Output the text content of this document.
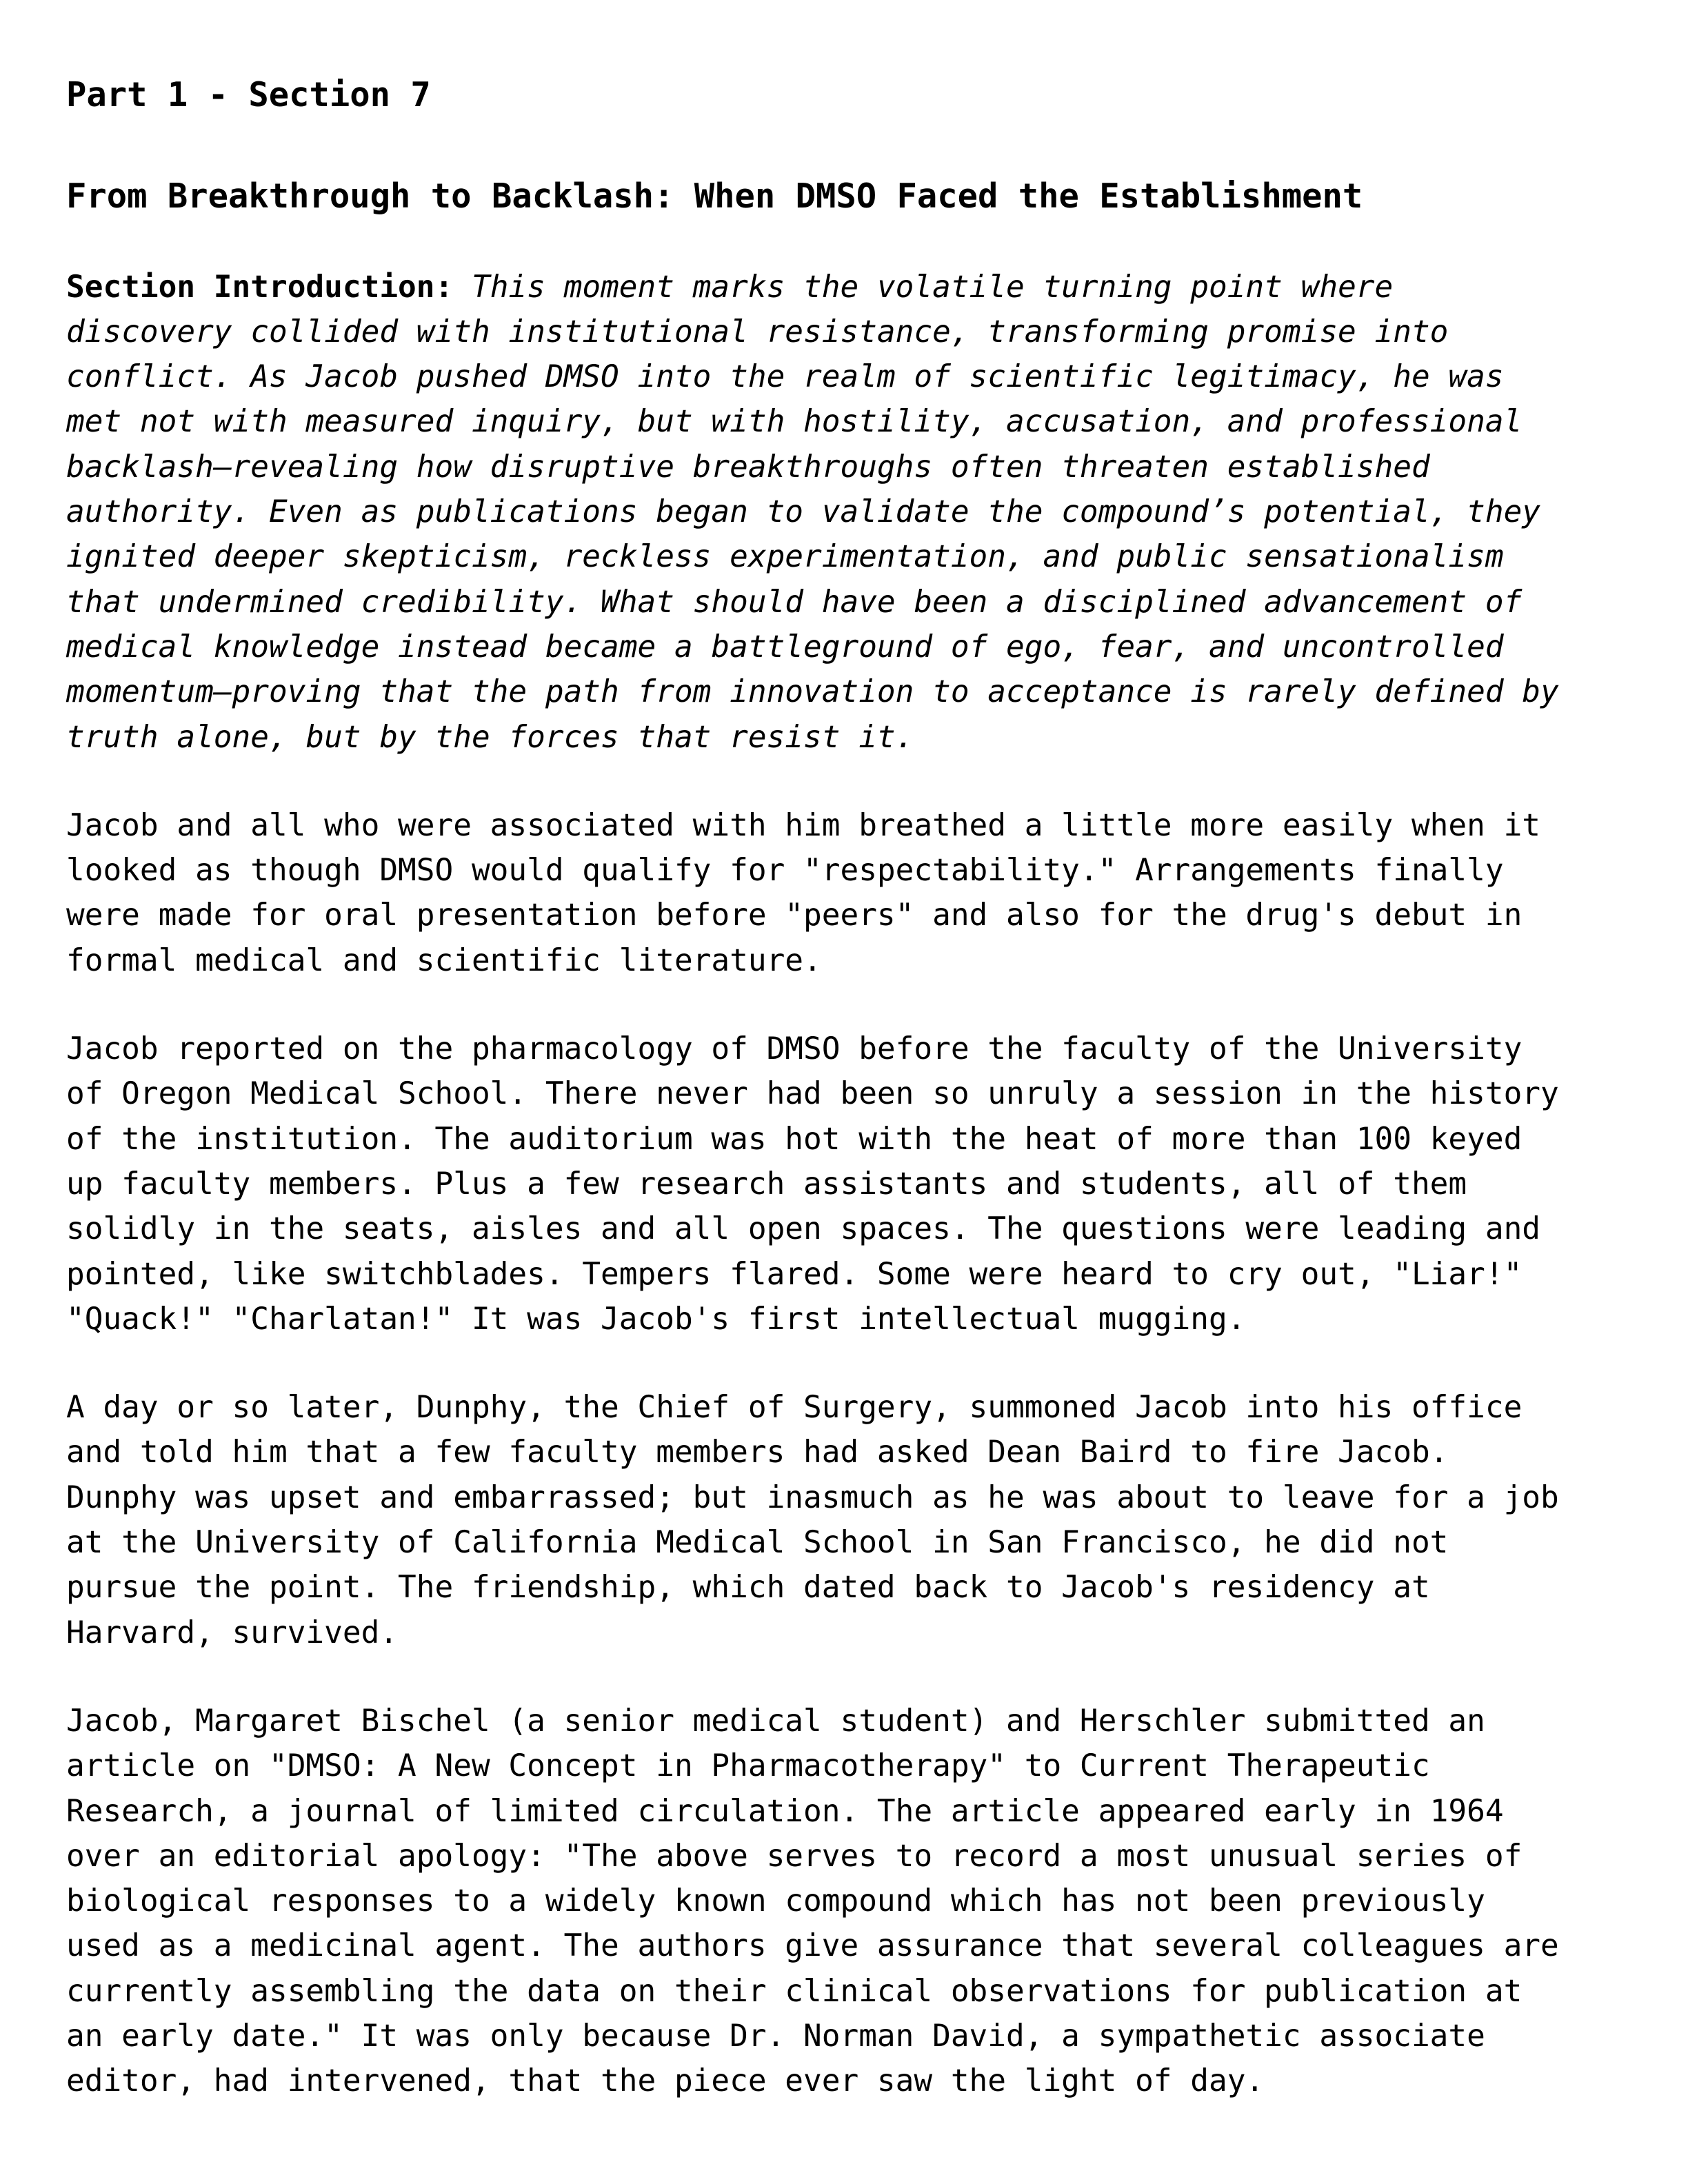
Part 1 - Section 7
From Breakthrough to Backlash: When DMSO Faced the Establishment

Section Introduction: This moment marks the volatile turning point where
discovery collided with institutional resistance, transforming promise into
conflict. As Jacob pushed DMSO into the realm of scientific legitimacy, he was
met not with measured inquiry, but with hostility, accusation, and professional
backlash—revealing how disruptive breakthroughs often threaten established
authority. Even as publications began to validate the compound’s potential, they
ignited deeper skepticism, reckless experimentation, and public sensationalism
that undermined credibility. What should have been a disciplined advancement of
medical knowledge instead became a battleground of ego, fear, and uncontrolled
momentum—proving that the path from innovation to acceptance is rarely defined by
truth alone, but by the forces that resist it.

Jacob and all who were associated with him breathed a little more easily when it
looked as though DMSO would qualify for "respectability." Arrangements finally
were made for oral presentation before "peers" and also for the drug's debut in
formal medical and scientific literature.

Jacob reported on the pharmacology of DMSO before the faculty of the University
of Oregon Medical School. There never had been so unruly a session in the history
of the institution. The auditorium was hot with the heat of more than 100 keyed
up faculty members. Plus a few research assistants and students, all of them
solidly in the seats, aisles and all open spaces. The questions were leading and
pointed, like switchblades. Tempers flared. Some were heard to cry out, "Liar!"
"Quack!" "Charlatan!" It was Jacob's first intellectual mugging.

A day or so later, Dunphy, the Chief of Surgery, summoned Jacob into his office
and told him that a few faculty members had asked Dean Baird to fire Jacob.
Dunphy was upset and embarrassed; but inasmuch as he was about to leave for a job
at the University of California Medical School in San Francisco, he did not
pursue the point. The friendship, which dated back to Jacob's residency at
Harvard, survived.

Jacob, Margaret Bischel (a senior medical student) and Herschler submitted an
article on "DMSO: A New Concept in Pharmacotherapy" to Current Therapeutic
Research, a journal of limited circulation. The article appeared early in 1964
over an editorial apology: "The above serves to record a most unusual series of
biological responses to a widely known compound which has not been previously
used as a medicinal agent. The authors give assurance that several colleagues are
currently assembling the data on their clinical observations for publication at
an early date." It was only because Dr. Norman David, a sympathetic associate
editor, had intervened, that the piece ever saw the light of day.
